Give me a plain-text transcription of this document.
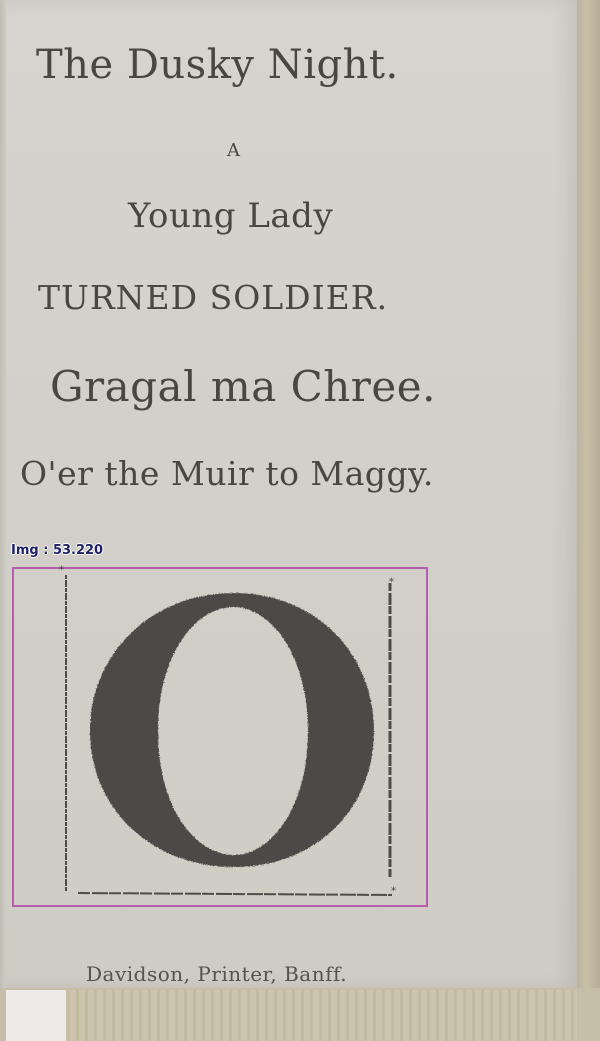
The Dusky Night.
A
Young Lady
TURNED SOLDIER.
Gragal ma Chree.
O'er the Muir to Maggy.
Img : 53.220
*
*
*
Davidson, Printer, Banff.
